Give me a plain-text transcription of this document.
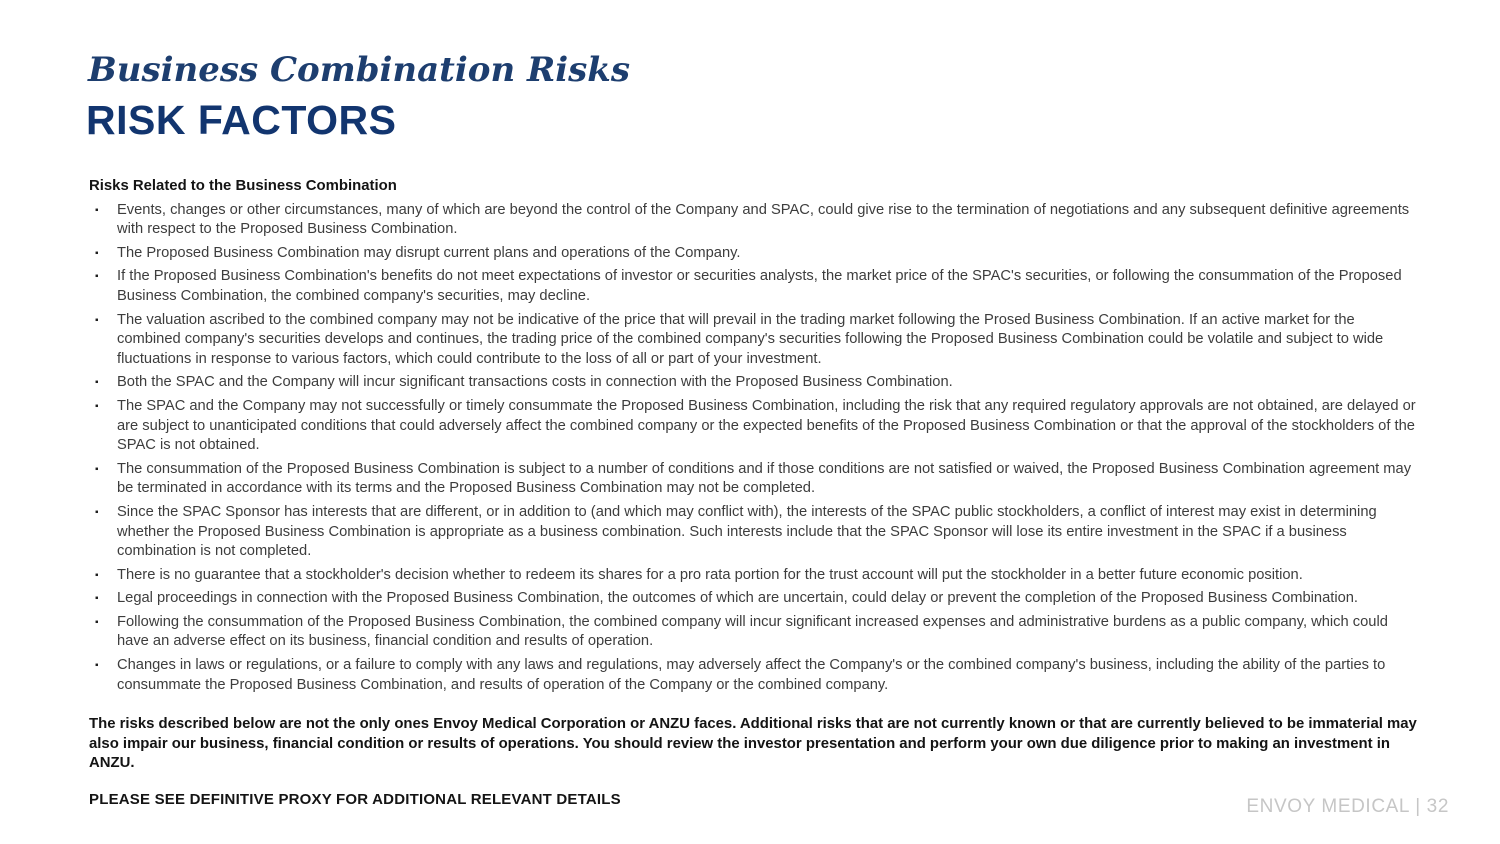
Business Combination Risks
RISK FACTORS

Risks Related to the Business Combination

▪	Events, changes or other circumstances, many of which are beyond the control of the Company and SPAC, could give rise to the termination of negotiations and any subsequent definitive agreements with respect to the Proposed Business Combination.
▪	The Proposed Business Combination may disrupt current plans and operations of the Company.
▪	If the Proposed Business Combination's benefits do not meet expectations of investor or securities analysts, the market price of the SPAC's securities, or following the consummation of the Proposed Business Combination, the combined company's securities, may decline.
▪	The valuation ascribed to the combined company may not be indicative of the price that will prevail in the trading market following the Prosed Business Combination. If an active market for the combined company's securities develops and continues, the trading price of the combined company's securities following the Proposed Business Combination could be volatile and subject to wide fluctuations in response to various factors, which could contribute to the loss of all or part of your investment.
▪	Both the SPAC and the Company will incur significant transactions costs in connection with the Proposed Business Combination.
▪	The SPAC and the Company may not successfully or timely consummate the Proposed Business Combination, including the risk that any required regulatory approvals are not obtained, are delayed or are subject to unanticipated conditions that could adversely affect the combined company or the expected benefits of the Proposed Business Combination or that the approval of the stockholders of the SPAC is not obtained.
▪	The consummation of the Proposed Business Combination is subject to a number of conditions and if those conditions are not satisfied or waived, the Proposed Business Combination agreement may be terminated in accordance with its terms and the Proposed Business Combination may not be completed.
▪	Since the SPAC Sponsor has interests that are different, or in addition to (and which may conflict with), the interests of the SPAC public stockholders, a conflict of interest may exist in determining whether the Proposed Business Combination is appropriate as a business combination. Such interests include that the SPAC Sponsor will lose its entire investment in the SPAC if a business combination is not completed.
▪	There is no guarantee that a stockholder's decision whether to redeem its shares for a pro rata portion for the trust account will put the stockholder in a better future economic position.
▪	Legal proceedings in connection with the Proposed Business Combination, the outcomes of which are uncertain, could delay or prevent the completion of the Proposed Business Combination.
▪	Following the consummation of the Proposed Business Combination, the combined company will incur significant increased expenses and administrative burdens as a public company, which could have an adverse effect on its business, financial condition and results of operation.
▪	Changes in laws or regulations, or a failure to comply with any laws and regulations, may adversely affect the Company's or the combined company's business, including the ability of the parties to consummate the Proposed Business Combination, and results of operation of the Company or the combined company.

The risks described below are not the only ones Envoy Medical Corporation or ANZU faces. Additional risks that are not currently known or that are currently believed to be immaterial may also impair our business, financial condition or results of operations. You should review the investor presentation and perform your own due diligence prior to making an investment in ANZU.

PLEASE SEE DEFINITIVE PROXY FOR ADDITIONAL RELEVANT DETAILS	ENVOY MEDICAL | 32
